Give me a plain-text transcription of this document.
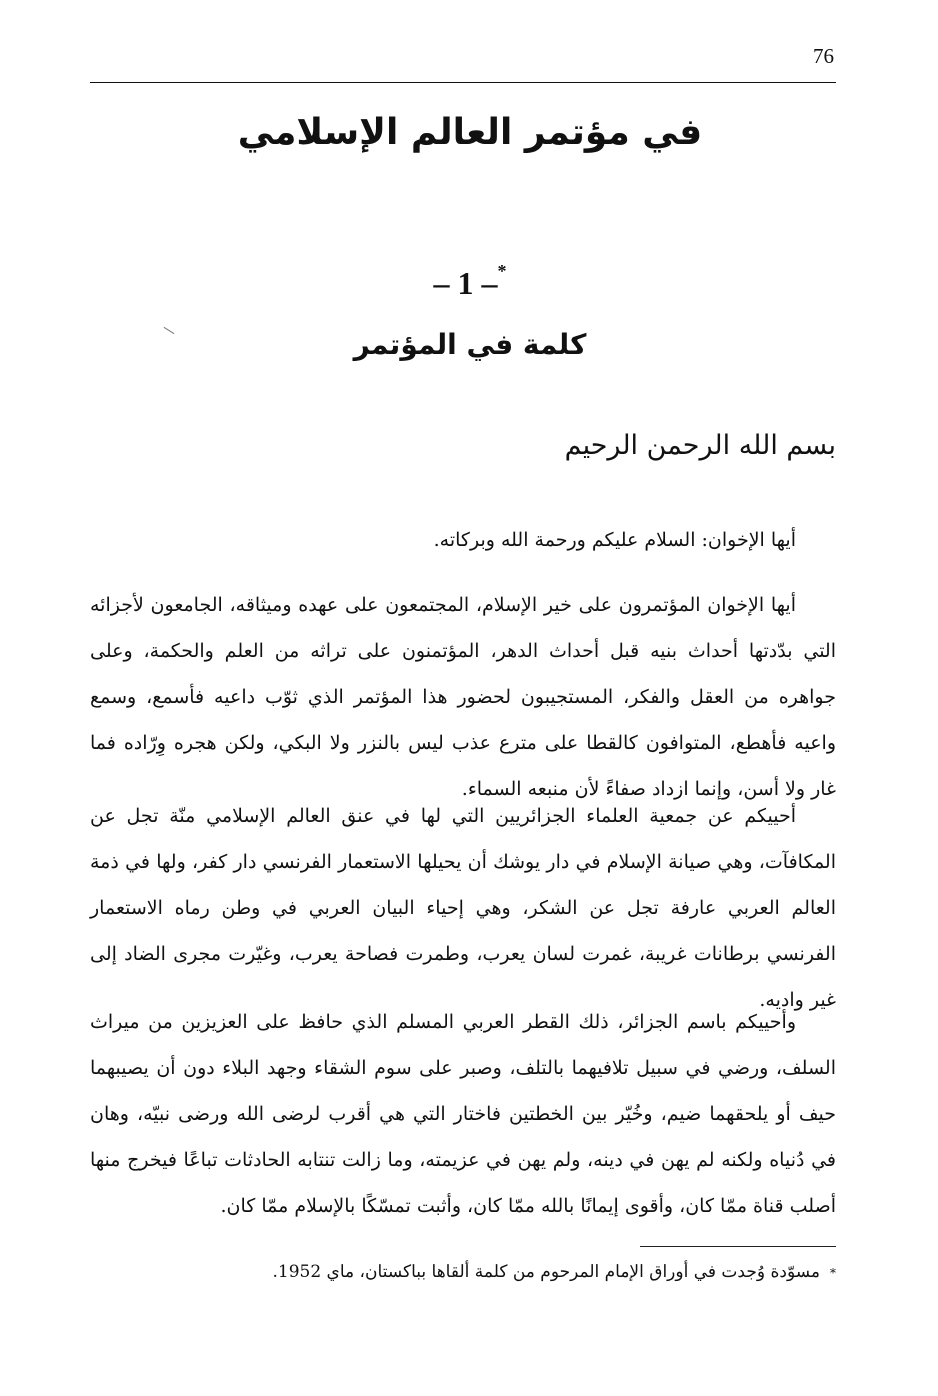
76
في مؤتمر العالم الإسلامي
– 1 –*
كلمة في المؤتمر
بسم الله الرحمن الرحيم

أيها الإخوان: السلام عليكم ورحمة الله وبركاته.

أيها الإخوان المؤتمرون على خير الإسلام، المجتمعون على عهده وميثاقه، الجامعون لأجزائه التي بدّدتها أحداث بنيه قبل أحداث الدهر، المؤتمنون على تراثه من العلم والحكمة، وعلى جواهره من العقل والفكر، المستجيبون لحضور هذا المؤتمر الذي ثوّب داعيه فأسمع، وسمع واعيه فأهطع، المتوافون كالقطا على مترع عذب ليس بالنزر ولا البكي، ولكن هجره وِرّاده فما غار ولا أسن، وإنما ازداد صفاءً لأن منبعه السماء.

أحييكم عن جمعية العلماء الجزائريين التي لها في عنق العالم الإسلامي منّة تجل عن المكافآت، وهي صيانة الإسلام في دار يوشك أن يحيلها الاستعمار الفرنسي دار كفر، ولها في ذمة العالم العربي عارفة تجل عن الشكر، وهي إحياء البيان العربي في وطن رماه الاستعمار الفرنسي برطانات غريبة، غمرت لسان يعرب، وطمرت فصاحة يعرب، وغيّرت مجرى الضاد إلى غير واديه.

وأحييكم باسم الجزائر، ذلك القطر العربي المسلم الذي حافظ على العزيزين من ميراث السلف، ورضي في سبيل تلافيهما بالتلف، وصبر على سوم الشقاء وجهد البلاء دون أن يصيبهما حيف أو يلحقهما ضيم، وخُيّر بين الخطتين فاختار التي هي أقرب لرضى الله ورضى نبيّه، وهان في دُنياه ولكنه لم يهن في دينه، ولم يهن في عزيمته، وما زالت تنتابه الحادثات تباعًا فيخرج منها أصلب قناة ممّا كان، وأقوى إيمانًا بالله ممّا كان، وأثبت تمسّكًا بالإسلام ممّا كان.

*مسوّدة وُجدت في أوراق الإمام المرحوم من كلمة ألقاها بباكستان، ماي 1952.
